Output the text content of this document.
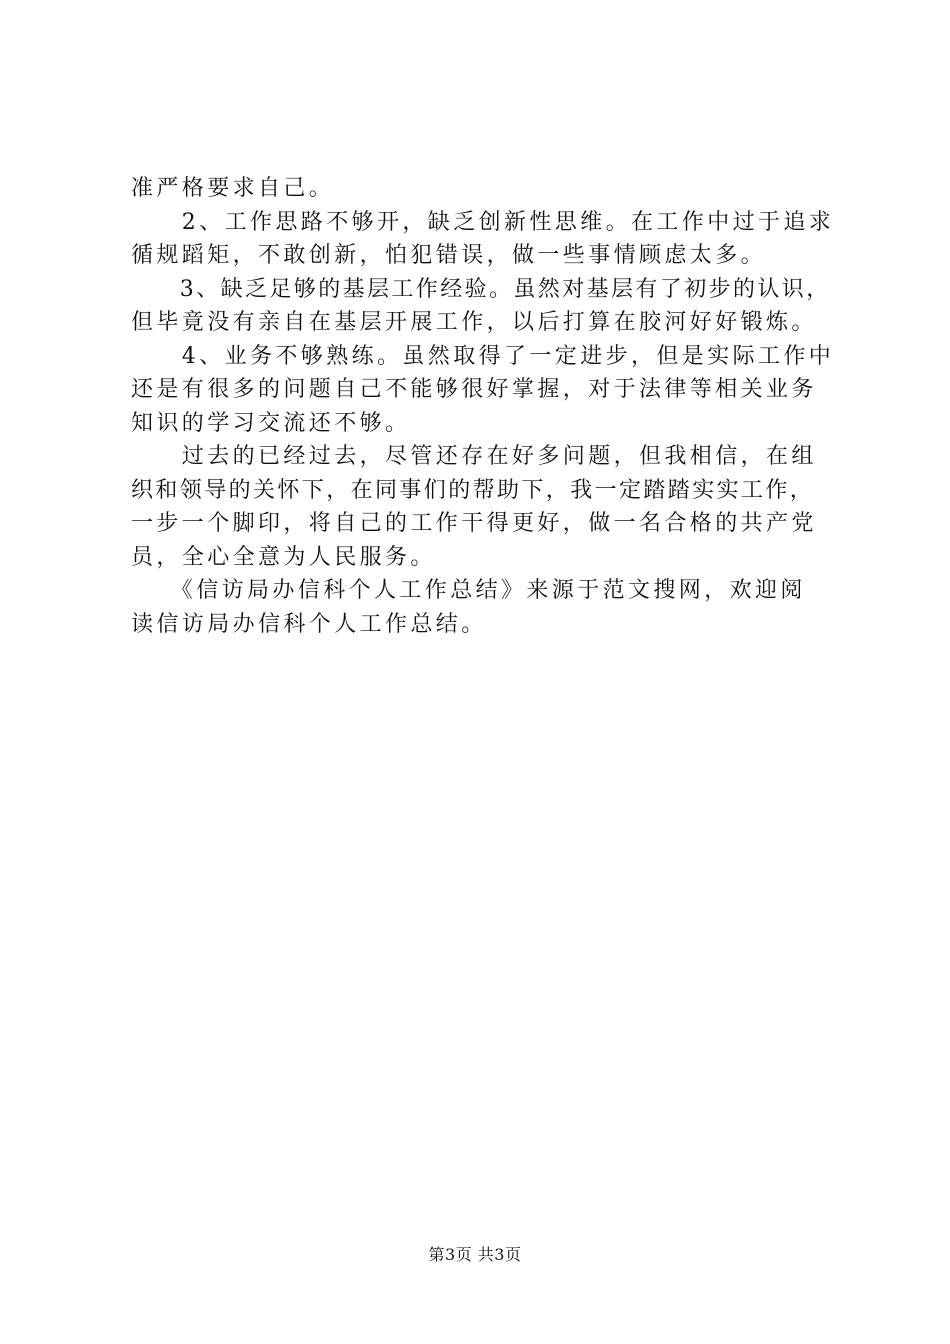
准严格要求自己。
　　2、工作思路不够开，缺乏创新性思维。在工作中过于追求
循规蹈矩，不敢创新，怕犯错误，做一些事情顾虑太多。
　　3、缺乏足够的基层工作经验。虽然对基层有了初步的认识，
但毕竟没有亲自在基层开展工作，以后打算在胶河好好锻炼。
　　4、业务不够熟练。虽然取得了一定进步，但是实际工作中
还是有很多的问题自己不能够很好掌握，对于法律等相关业务
知识的学习交流还不够。
　　过去的已经过去，尽管还存在好多问题，但我相信，在组
织和领导的关怀下，在同事们的帮助下，我一定踏踏实实工作，
一步一个脚印，将自己的工作干得更好，做一名合格的共产党
员，全心全意为人民服务。
　　《信访局办信科个人工作总结》来源于范文搜网，欢迎阅
读信访局办信科个人工作总结。
第3页 共3页
